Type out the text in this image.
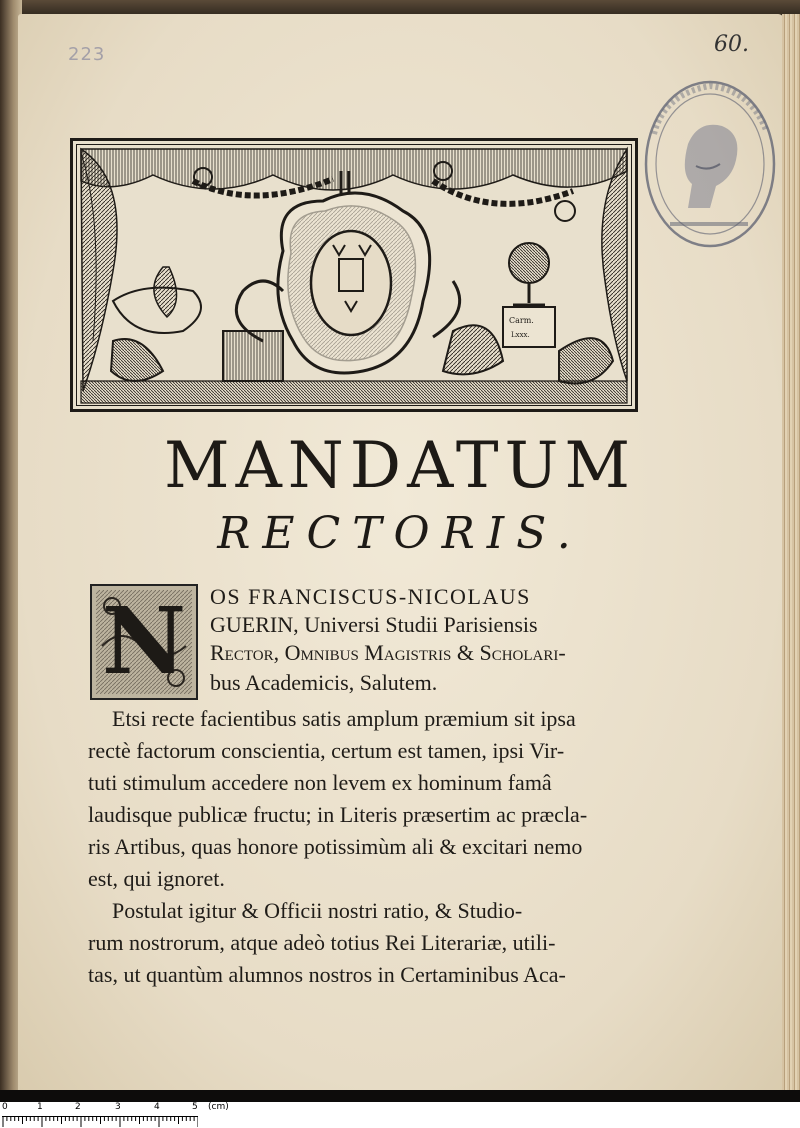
223	60.
Carm.
Lxxx.
MANDATUM
RECTORIS.
N	OS FRANCISCUS-NICOLAUS
GUERIN, Universi Studii Parisiensis
Rector, Omnibus Magistris & Scholari-
bus Academicis, Salutem.
Etsi recte facientibus satis amplum præmium sit ipsa
rectè factorum conscientia, certum est tamen, ipsi Vir-
tuti stimulum accedere non levem ex hominum famâ
laudisque publicæ fructu; in Literis præsertim ac præcla-
ris Artibus, quas honore potissimùm ali & excitari nemo
est, qui ignoret.
Postulat igitur & Officii nostri ratio, & Studio-
rum nostrorum, atque adeò totius Rei Literariæ, utili-
tas, ut quantùm alumnos nostros in Certaminibus Aca-
0	1	2	3	4	5 (cm)
